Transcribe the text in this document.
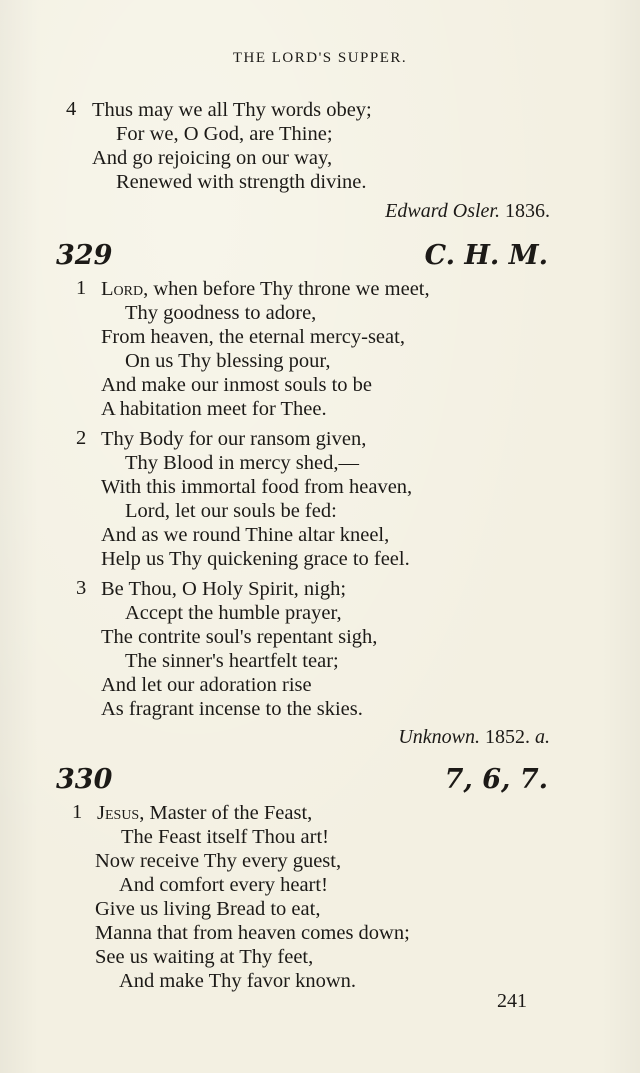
THE LORD'S SUPPER.
4 Thus may we all Thy words obey;
For we, O God, are Thine;
And go rejoicing on our way,
Renewed with strength divine.
Edward Osler. 1836.
329	C. H. M.
1 Lord, when before Thy throne we meet,
Thy goodness to adore,
From heaven, the eternal mercy-seat,
On us Thy blessing pour,
And make our inmost souls to be
A habitation meet for Thee.
2 Thy Body for our ransom given,
Thy Blood in mercy shed,—
With this immortal food from heaven,
Lord, let our souls be fed:
And as we round Thine altar kneel,
Help us Thy quickening grace to feel.
3 Be Thou, O Holy Spirit, nigh;
Accept the humble prayer,
The contrite soul's repentant sigh,
The sinner's heartfelt tear;
And let our adoration rise
As fragrant incense to the skies.
Unknown. 1852. a.
330	7, 6, 7.
1 Jesus, Master of the Feast,
The Feast itself Thou art!
Now receive Thy every guest,
And comfort every heart!
Give us living Bread to eat,
Manna that from heaven comes down;
See us waiting at Thy feet,
And make Thy favor known.
241
